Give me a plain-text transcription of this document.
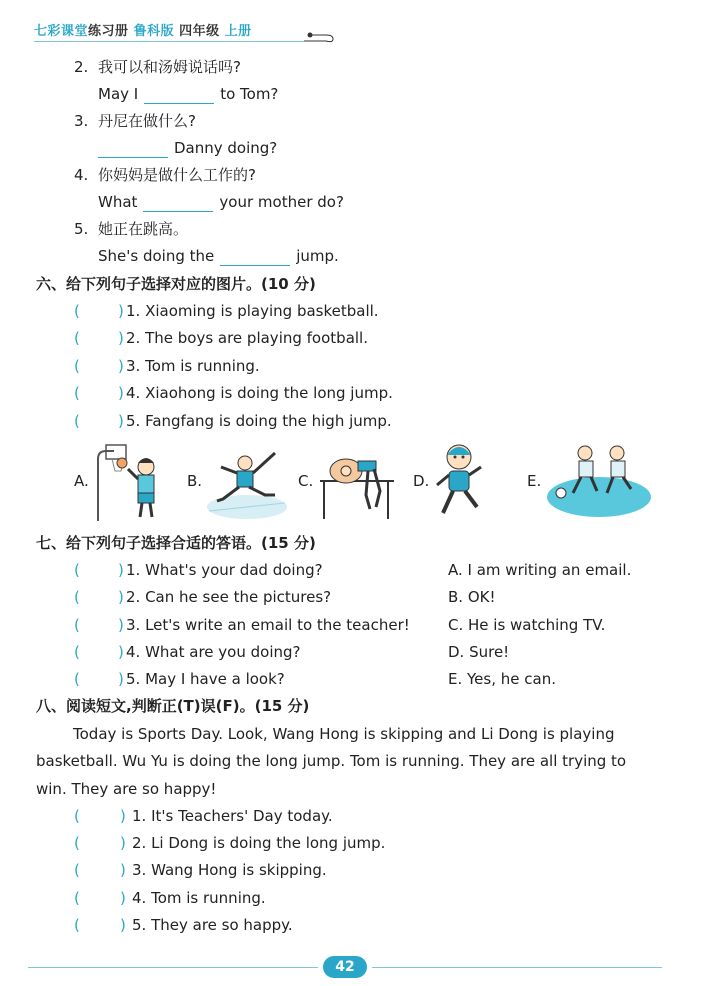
七彩课堂练习册 鲁科版 四年级 上册
2. 我可以和汤姆说话吗?
May I	to Tom?
3. 丹尼在做什么?
Danny doing?
4. 你妈妈是做什么工作的?
What	your mother do?
5. 她正在跳高。
She's doing the	jump.
六、给下列句子选择对应的图片。(10 分)
(	) 1. Xiaoming is playing basketball.
(	) 2. The boys are playing football.
(	) 3. Tom is running.
(	) 4. Xiaohong is doing the long jump.
(	) 5. Fangfang is doing the high jump.
A.	B.	C.	D.	E.
七、给下列句子选择合适的答语。(15 分)
(	) 1. What's your dad doing?	A. I am writing an email.
(	) 2. Can he see the pictures?	B. OK!
(	) 3. Let's write an email to the teacher!	C. He is watching TV.
(	) 4. What are you doing?	D. Sure!
(	) 5. May I have a look?	E. Yes, he can.
八、阅读短文,判断正(T)误(F)。(15 分)
Today is Sports Day. Look, Wang Hong is skipping and Li Dong is playing
basketball. Wu Yu is doing the long jump. Tom is running. They are all trying to
win. They are so happy!
(	) 1. It's Teachers' Day today.
(	) 2. Li Dong is doing the long jump.
(	) 3. Wang Hong is skipping.
(	) 4. Tom is running.
(	) 5. They are so happy.
42
